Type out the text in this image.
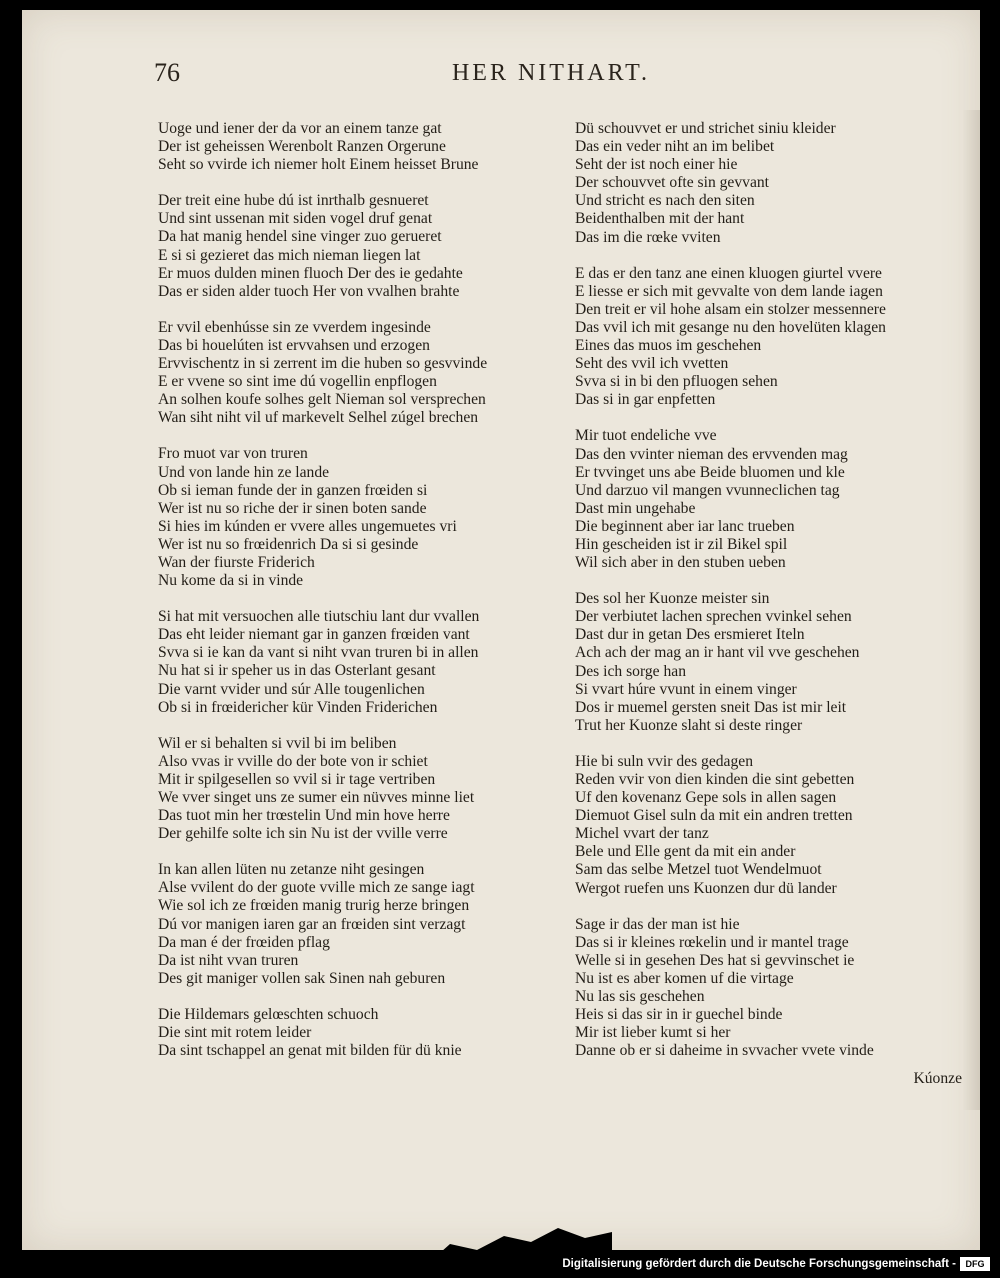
76	HER NITHART.
Uoge und iener der da vor an einem tanze gat
Der ist geheissen Werenbolt Ranzen Orgerune
Seht so vvirde ich niemer holt Einem heisset Brune
Der treit eine hube dú ist inrthalb gesnueret
Und sint ussenan mit siden vogel druf genat
Da hat manig hendel sine vinger zuo gerueret
E si si gezieret das mich nieman liegen lat
Er muos dulden minen fluoch Der des ie gedahte
Das er siden alder tuoch Her von vvalhen brahte
Er vvil ebenhússe sin ze vverdem ingesinde
Das bi houelúten ist ervvahsen und erzogen
Ervvischentz in si zerrent im die huben so gesvvinde
E er vvene so sint ime dú vogellin enpflogen
An solhen koufe solhes gelt Nieman sol versprechen
Wan siht niht vil uf markevelt Selhel zúgel brechen
Fro muot var von truren
Und von lande hin ze lande
Ob si ieman funde der in ganzen frœiden si
Wer ist nu so riche der ir sinen boten sande
Si hies im kúnden er vvere alles ungemuetes vri
Wer ist nu so frœidenrich Da si si gesinde
Wan der fiurste Friderich
Nu kome da si in vinde
Si hat mit versuochen alle tiutschiu lant dur vvallen
Das eht leider niemant gar in ganzen frœiden vant
Svva si ie kan da vant si niht vvan truren bi in allen
Nu hat si ir speher us in das Osterlant gesant
Die varnt vvider und súr Alle tougenlichen
Ob si in frœidericher kür Vinden Friderichen
Wil er si behalten si vvil bi im beliben
Also vvas ir vville do der bote von ir schiet
Mit ir spilgesellen so vvil si ir tage vertriben
We vver singet uns ze sumer ein nüvves minne liet
Das tuot min her trœstelin Und min hove herre
Der gehilfe solte ich sin Nu ist der vville verre
In kan allen lüten nu zetanze niht gesingen
Alse vvilent do der guote vville mich ze sange iagt
Wie sol ich ze frœiden manig trurig herze bringen
Dú vor manigen iaren gar an frœiden sint verzagt
Da man é der frœiden pflag
Da ist niht vvan truren
Des git maniger vollen sak Sinen nah geburen
Die Hildemars gelœschten schuoch
Die sint mit rotem leider
Da sint tschappel an genat mit bilden für dü knie
Dü schouvvet er und strichet siniu kleider
Das ein veder niht an im belibet
Seht der ist noch einer hie
Der schouvvet ofte sin gevvant
Und stricht es nach den siten
Beidenthalben mit der hant
Das im die rœke vviten
E das er den tanz ane einen kluogen giurtel vvere
E liesse er sich mit gevvalte von dem lande iagen
Den treit er vil hohe alsam ein stolzer messennere
Das vvil ich mit gesange nu den hovelüten klagen
Eines das muos im geschehen
Seht des vvil ich vvetten
Svva si in bi den pfluogen sehen
Das si in gar enpfetten
Mir tuot endeliche vve
Das den vvinter nieman des ervvenden mag
Er tvvinget uns abe Beide bluomen und kle
Und darzuo vil mangen vvunneclichen tag
Dast min ungehabe
Die beginnent aber iar lanc trueben
Hin gescheiden ist ir zil Bikel spil
Wil sich aber in den stuben ueben
Des sol her Kuonze meister sin
Der verbiutet lachen sprechen vvinkel sehen
Dast dur in getan Des ersmieret Iteln
Ach ach der mag an ir hant vil vve geschehen
Des ich sorge han
Si vvart húre vvunt in einem vinger
Dos ir muemel gersten sneit Das ist mir leit
Trut her Kuonze slaht si deste ringer
Hie bi suln vvir des gedagen
Reden vvir von dien kinden die sint gebetten
Uf den kovenanz Gepe sols in allen sagen
Diemuot Gisel suln da mit ein andren tretten
Michel vvart der tanz
Bele und Elle gent da mit ein ander
Sam das selbe Metzel tuot Wendelmuot
Wergot ruefen uns Kuonzen dur dü lander
Sage ir das der man ist hie
Das si ir kleines rœkelin und ir mantel trage
Welle si in gesehen Des hat si gevvinschet ie
Nu ist es aber komen uf die virtage
Nu las sis geschehen
Heis si das sir in ir guechel binde
Mir ist lieber kumt si her
Danne ob er si daheime in svvacher vvete vinde
Kúonze
Digitalisierung gefördert durch die Deutsche Forschungsgemeinschaft -	DFG
